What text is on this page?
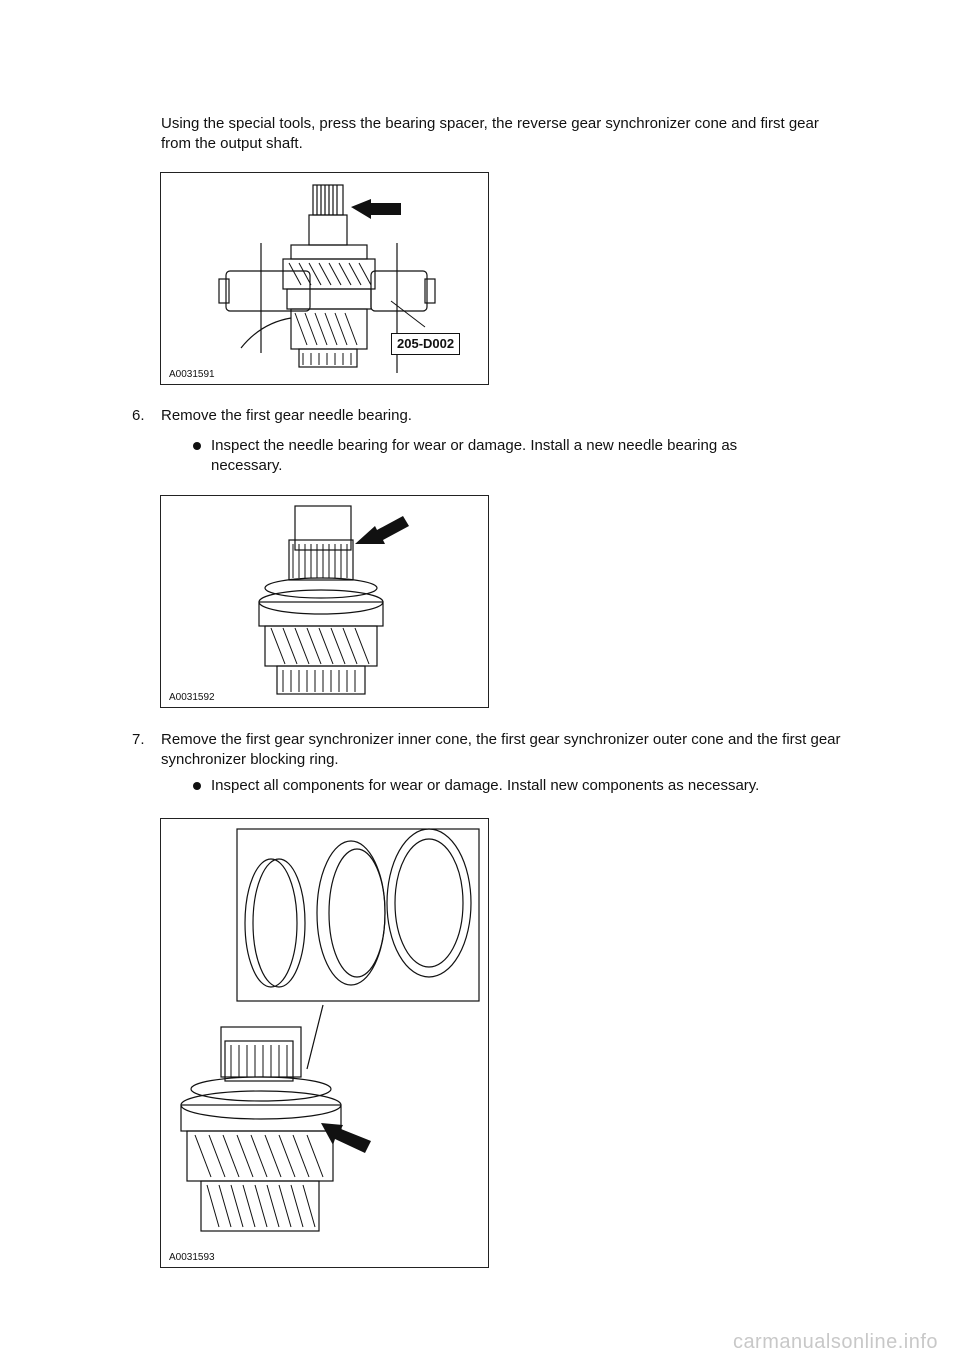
Using the special tools, press the bearing spacer, the reverse gear synchronizer cone and first gear from the output shaft.

205-D002
A0031591
6.	Remove the first gear needle bearing.
Inspect the needle bearing for wear or damage. Install a new needle bearing as necessary.
A0031592
7.	Remove the first gear synchronizer inner cone, the first gear synchronizer outer cone and the first gear synchronizer blocking ring.
Inspect all components for wear or damage. Install new components as necessary.
A0031593
carmanualsonline.info
